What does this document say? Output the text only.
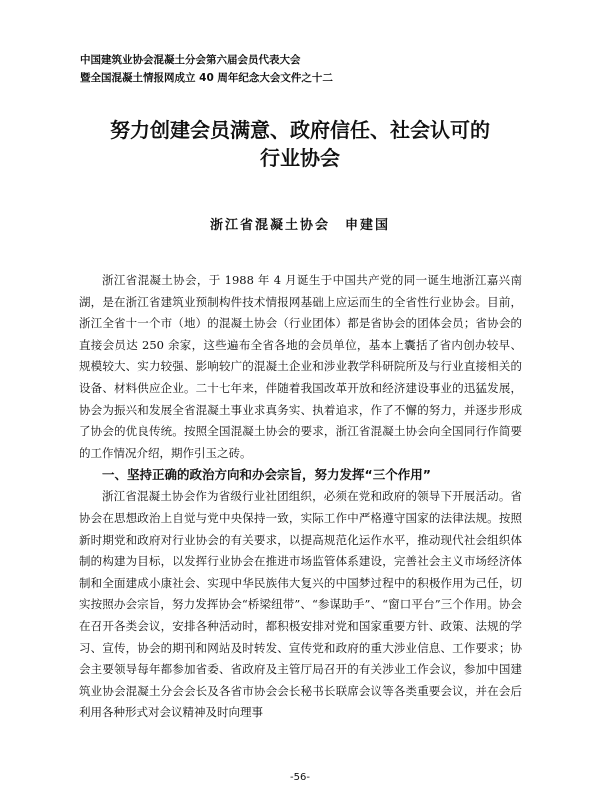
中国建筑业协会混凝土分会第六届会员代表大会
暨全国混凝土情报网成立 40 周年纪念大会文件之十二
努力创建会员满意、政府信任、社会认可的
行业协会
浙江省混凝土协会　申建国

浙江省混凝土协会，于 1988 年 4 月诞生于中国共产党的同一诞生地浙江嘉兴南湖，是在浙江省建筑业预制构件技术情报网基础上应运而生的全省性行业协会。目前，浙江全省十一个市（地）的混凝土协会（行业团体）都是省协会的团体会员；省协会的直接会员达 250 余家，这些遍布全省各地的会员单位，基本上囊括了省内创办较早、规模较大、实力较强、影响较广的混凝土企业和涉业教学科研院所及与行业直接相关的设备、材料供应企业。二十七年来，伴随着我国改革开放和经济建设事业的迅猛发展，协会为振兴和发展全省混凝土事业求真务实、执着追求，作了不懈的努力，并逐步形成了协会的优良传统。按照全国混凝土协会的要求，浙江省混凝土协会向全国同行作简要的工作情况介绍，期作引玉之砖。

一、坚持正确的政治方向和办会宗旨，努力发挥“三个作用”

浙江省混凝土协会作为省级行业社团组织，必须在党和政府的领导下开展活动。省协会在思想政治上自觉与党中央保持一致，实际工作中严格遵守国家的法律法规。按照新时期党和政府对行业协会的有关要求，以提高规范化运作水平，推动现代社会组织体制的构建为目标，以发挥行业协会在推进市场监管体系建设，完善社会主义市场经济体制和全面建成小康社会、实现中华民族伟大复兴的中国梦过程中的积极作用为己任，切实按照办会宗旨，努力发挥协会“桥梁纽带”、“参谋助手”、“窗口平台”三个作用。协会在召开各类会议，安排各种活动时，都积极安排对党和国家重要方针、政策、法规的学习、宣传，协会的期刊和网站及时转发、宣传党和政府的重大涉业信息、工作要求；协会主要领导每年都参加省委、省政府及主管厅局召开的有关涉业工作会议，参加中国建筑业协会混凝土分会会长及各省市协会会长秘书长联席会议等各类重要会议，并在会后利用各种形式对会议精神及时向理事

-56-
